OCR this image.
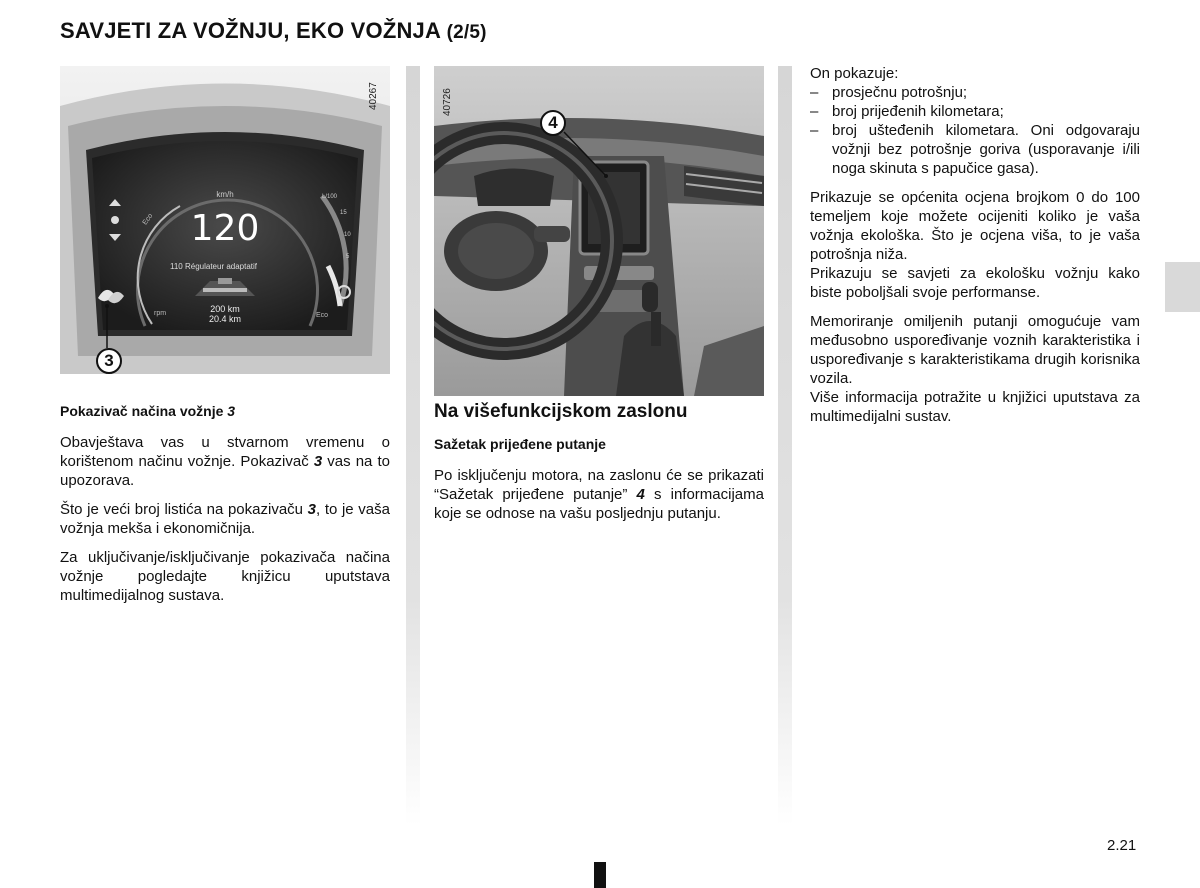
SAVJETI ZA VOŽNJU, EKO VOŽNJA (2/5)
120
km/h
110 Régulateur adaptatif
200 km
20.4 km
Eco
rpm	Eco
L/100
15
10
5
3
40267

Pokazivač načina vožnje 3

Obavještava vas u stvarnom vremenu o korištenom načinu vožnje. Pokazivač 3 vas na to upozorava.

Što je veći broj listića na pokazivaču 3, to je vaša vožnja mekša i ekonomičnija.

Za uključivanje/isključivanje pokazivača načina vožnje pogledajte knjižicu uputstava multimedijalnog sustava.

4
40726

Na višefunkcijskom zaslonu

Sažetak prijeđene putanje

Po isključenju motora, na zaslonu će se prikazati “Sažetak prijeđene putanje” 4 s informacijama koje se odnose na vašu posljednju putanju.

On pokazuje:
– prosječnu potrošnju;
– broj prijeđenih kilometara;
– broj uštеđenih kilometara. Oni odgovaraju vožnji bez potrošnje goriva (usporavanje i/ili noga skinuta s papučice gasa).

Prikazuje se općenita ocjena brojkom 0 do 100 temeljem koje možete ocijeniti koliko je vaša vožnja ekološka. Što je ocjena viša, to je vaša potrošnja niža.

Prikazuju se savjeti za ekološku vožnju kako biste poboljšali svoje performanse.

Memoriranje omiljenih putanji omogućuje vam međusobno uspoređivanje voznih karakteristika i uspoređivanje s karakteristikama drugih korisnika vozila.

Više informacija potražite u knjižici uputstava za multimedijalni sustav.

2.21
